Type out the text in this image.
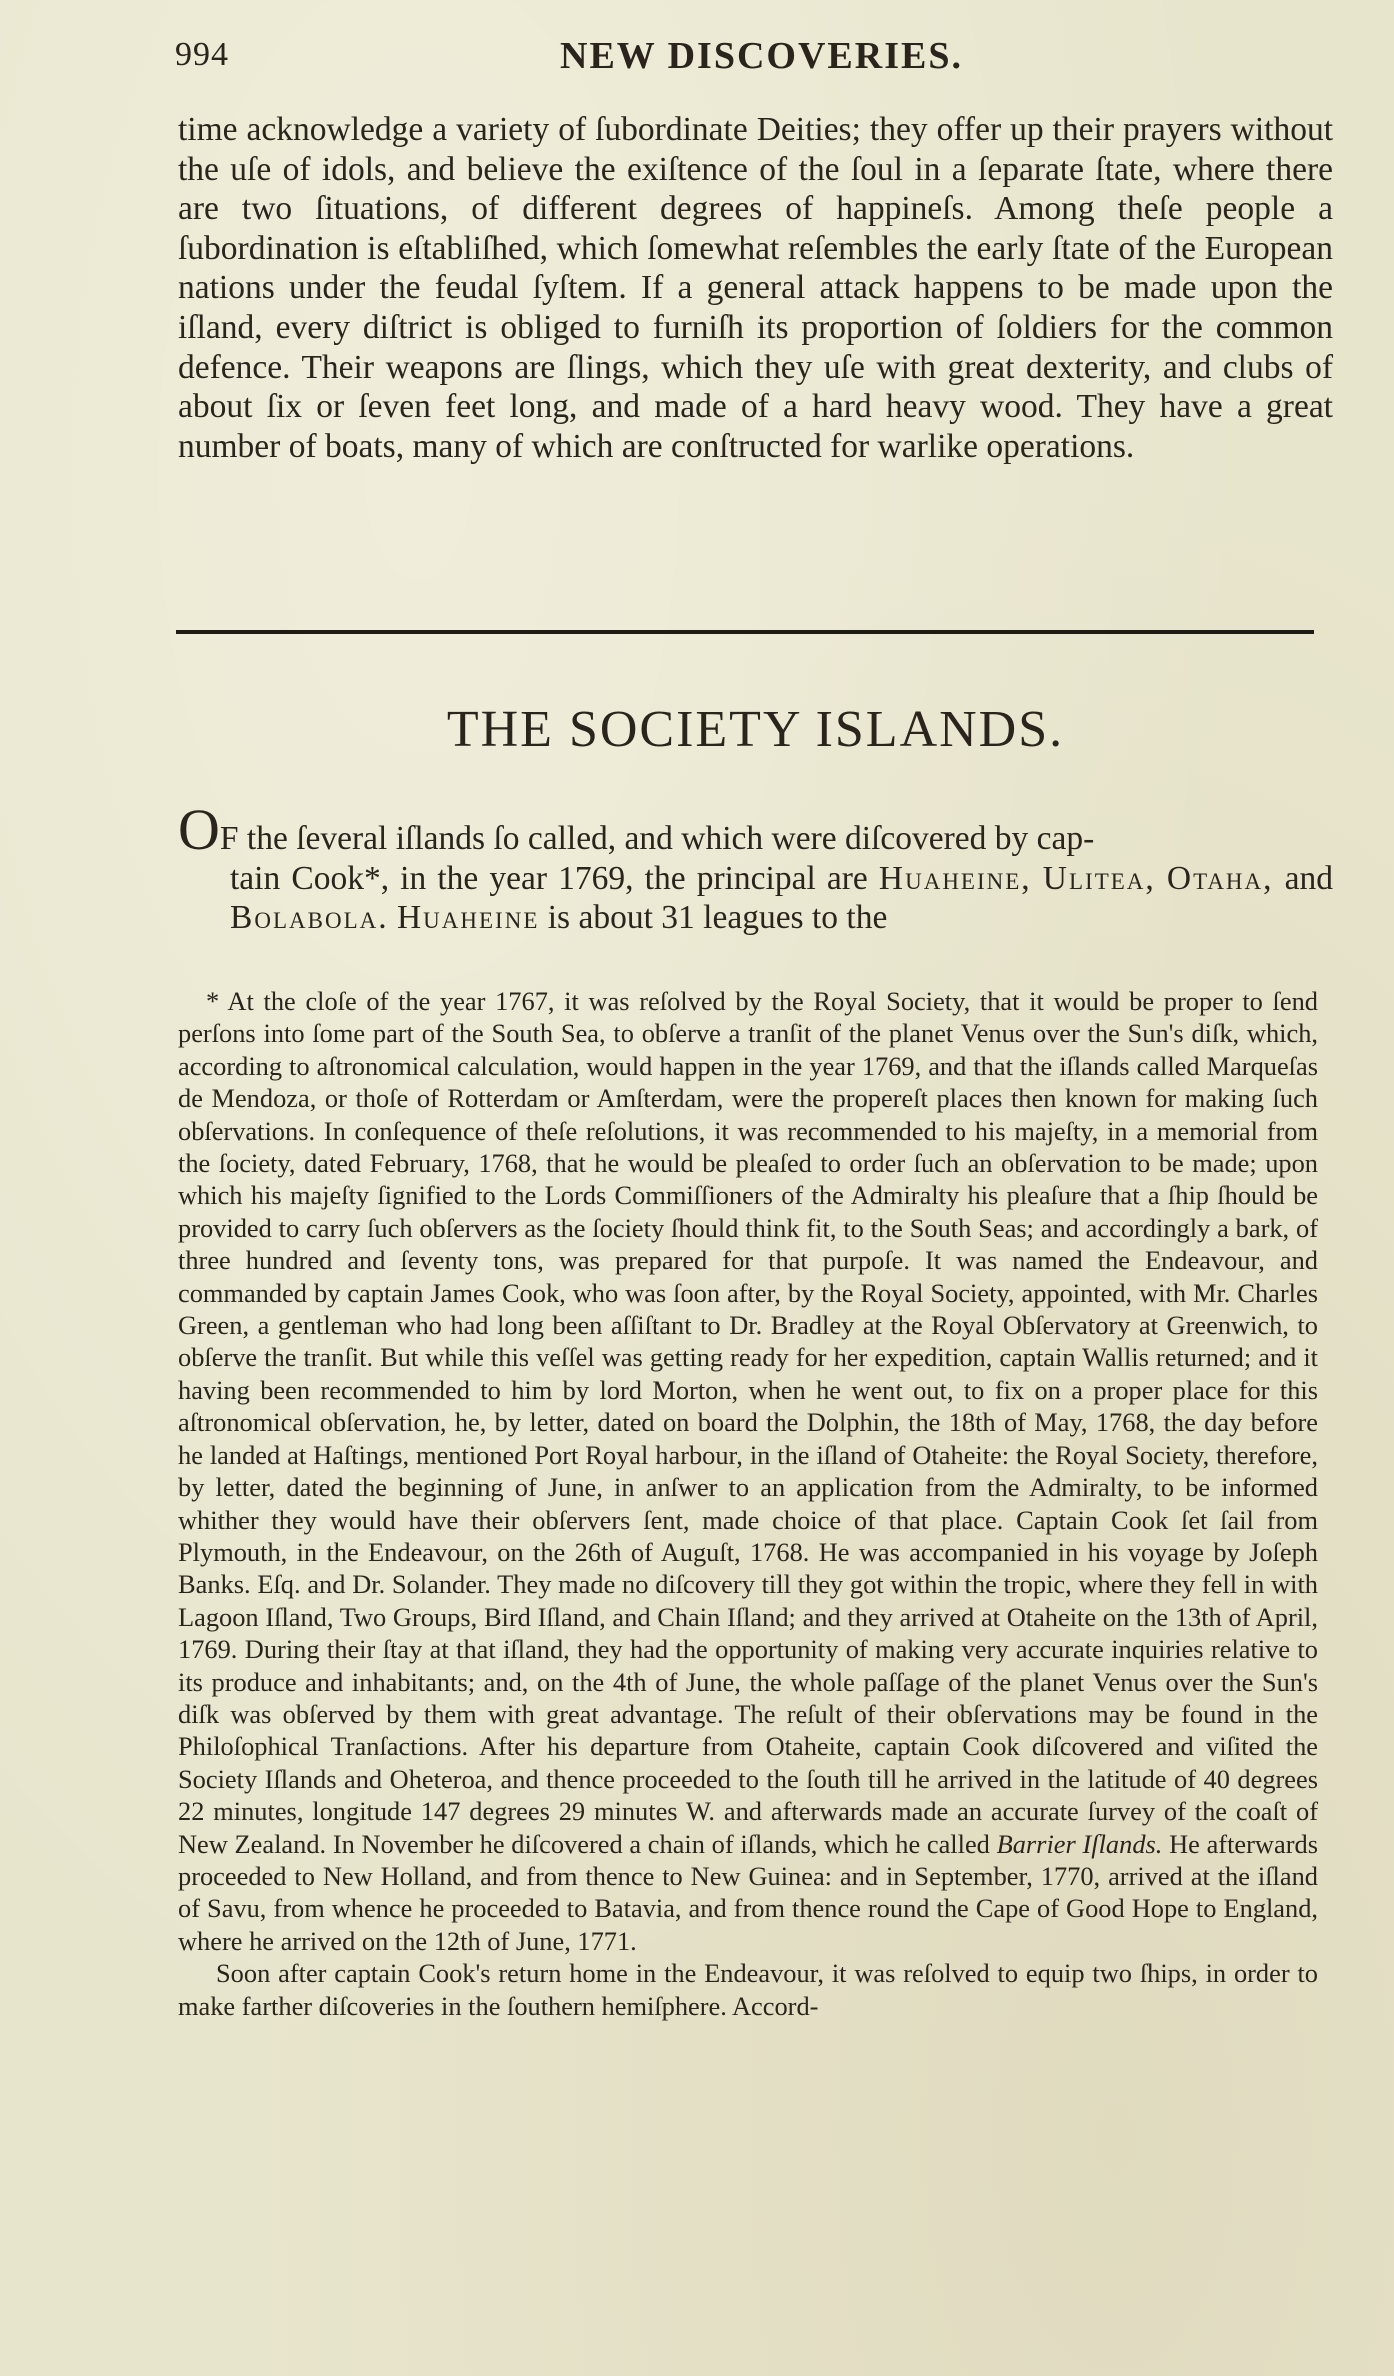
994	NEW DISCOVERIES.

time acknowledge a variety of ſubordinate Deities; they offer up their prayers without the uſe of idols, and believe the exiſtence of the ſoul in a ſeparate ſtate, where there are two ſituations, of different degrees of happineſs. Among theſe people a ſubordination is eſtabliſhed, which ſomewhat reſembles the early ſtate of the European nations under the feudal ſyſtem. If a general attack happens to be made upon the iſland, every diſtrict is obliged to furniſh its proportion of ſoldiers for the common defence. Their weapons are ſlings, which they uſe with great dexterity, and clubs of about ſix or ſeven feet long, and made of a hard heavy wood. They have a great number of boats, many of which are conſtructed for warlike operations.

THE SOCIETY ISLANDS.

OF the ſeveral iſlands ſo called, and which were diſcovered by cap-
tain Cook*, in the year 1769, the principal are Huaheine, Ulitea, Otaha, and Bolabola. Huaheine is about 31 leagues to the

* At the cloſe of the year 1767, it was reſolved by the Royal Society, that it would be proper to ſend perſons into ſome part of the South Sea, to obſerve a tranſit of the planet Venus over the Sun's diſk, which, according to aſtronomical calculation, would happen in the year 1769, and that the iſlands called Marqueſas de Mendoza, or thoſe of Rotterdam or Amſterdam, were the propereſt places then known for making ſuch obſervations. In conſequence of theſe reſolutions, it was recommended to his majeſty, in a memorial from the ſociety, dated February, 1768, that he would be pleaſed to order ſuch an obſervation to be made; upon which his majeſty ſignified to the Lords Commiſſioners of the Admiralty his pleaſure that a ſhip ſhould be provided to carry ſuch obſervers as the ſociety ſhould think fit, to the South Seas; and accordingly a bark, of three hundred and ſeventy tons, was prepared for that purpoſe. It was named the Endeavour, and commanded by captain James Cook, who was ſoon after, by the Royal Society, appointed, with Mr. Charles Green, a gentleman who had long been aſſiſtant to Dr. Bradley at the Royal Obſervatory at Greenwich, to obſerve the tranſit. But while this veſſel was getting ready for her expedition, captain Wallis returned; and it having been recommended to him by lord Morton, when he went out, to fix on a proper place for this aſtronomical obſervation, he, by letter, dated on board the Dolphin, the 18th of May, 1768, the day before he landed at Haſtings, mentioned Port Royal harbour, in the iſland of Otaheite: the Royal Society, therefore, by letter, dated the beginning of June, in anſwer to an application from the Admiralty, to be informed whither they would have their obſervers ſent, made choice of that place. Captain Cook ſet ſail from Plymouth, in the Endeavour, on the 26th of Auguſt, 1768. He was accompanied in his voyage by Joſeph Banks. Eſq. and Dr. Solander. They made no diſcovery till they got within the tropic, where they fell in with Lagoon Iſland, Two Groups, Bird Iſland, and Chain Iſland; and they arrived at Otaheite on the 13th of April, 1769. During their ſtay at that iſland, they had the opportunity of making very accurate inquiries relative to its produce and inhabitants; and, on the 4th of June, the whole paſſage of the planet Venus over the Sun's diſk was obſerved by them with great advantage. The reſult of their obſervations may be found in the Philoſophical Tranſactions. After his departure from Otaheite, captain Cook diſcovered and viſited the Society Iſlands and Oheteroa, and thence proceeded to the ſouth till he arrived in the latitude of 40 degrees 22 minutes, longitude 147 degrees 29 minutes W. and afterwards made an accurate ſurvey of the coaſt of New Zealand. In November he diſcovered a chain of iſlands, which he called Barrier Iſlands. He afterwards proceeded to New Holland, and from thence to New Guinea: and in September, 1770, arrived at the iſland of Savu, from whence he proceeded to Batavia, and from thence round the Cape of Good Hope to England, where he arrived on the 12th of June, 1771.

Soon after captain Cook's return home in the Endeavour, it was reſolved to equip two ſhips, in order to make farther diſcoveries in the ſouthern hemiſphere. Accord-
